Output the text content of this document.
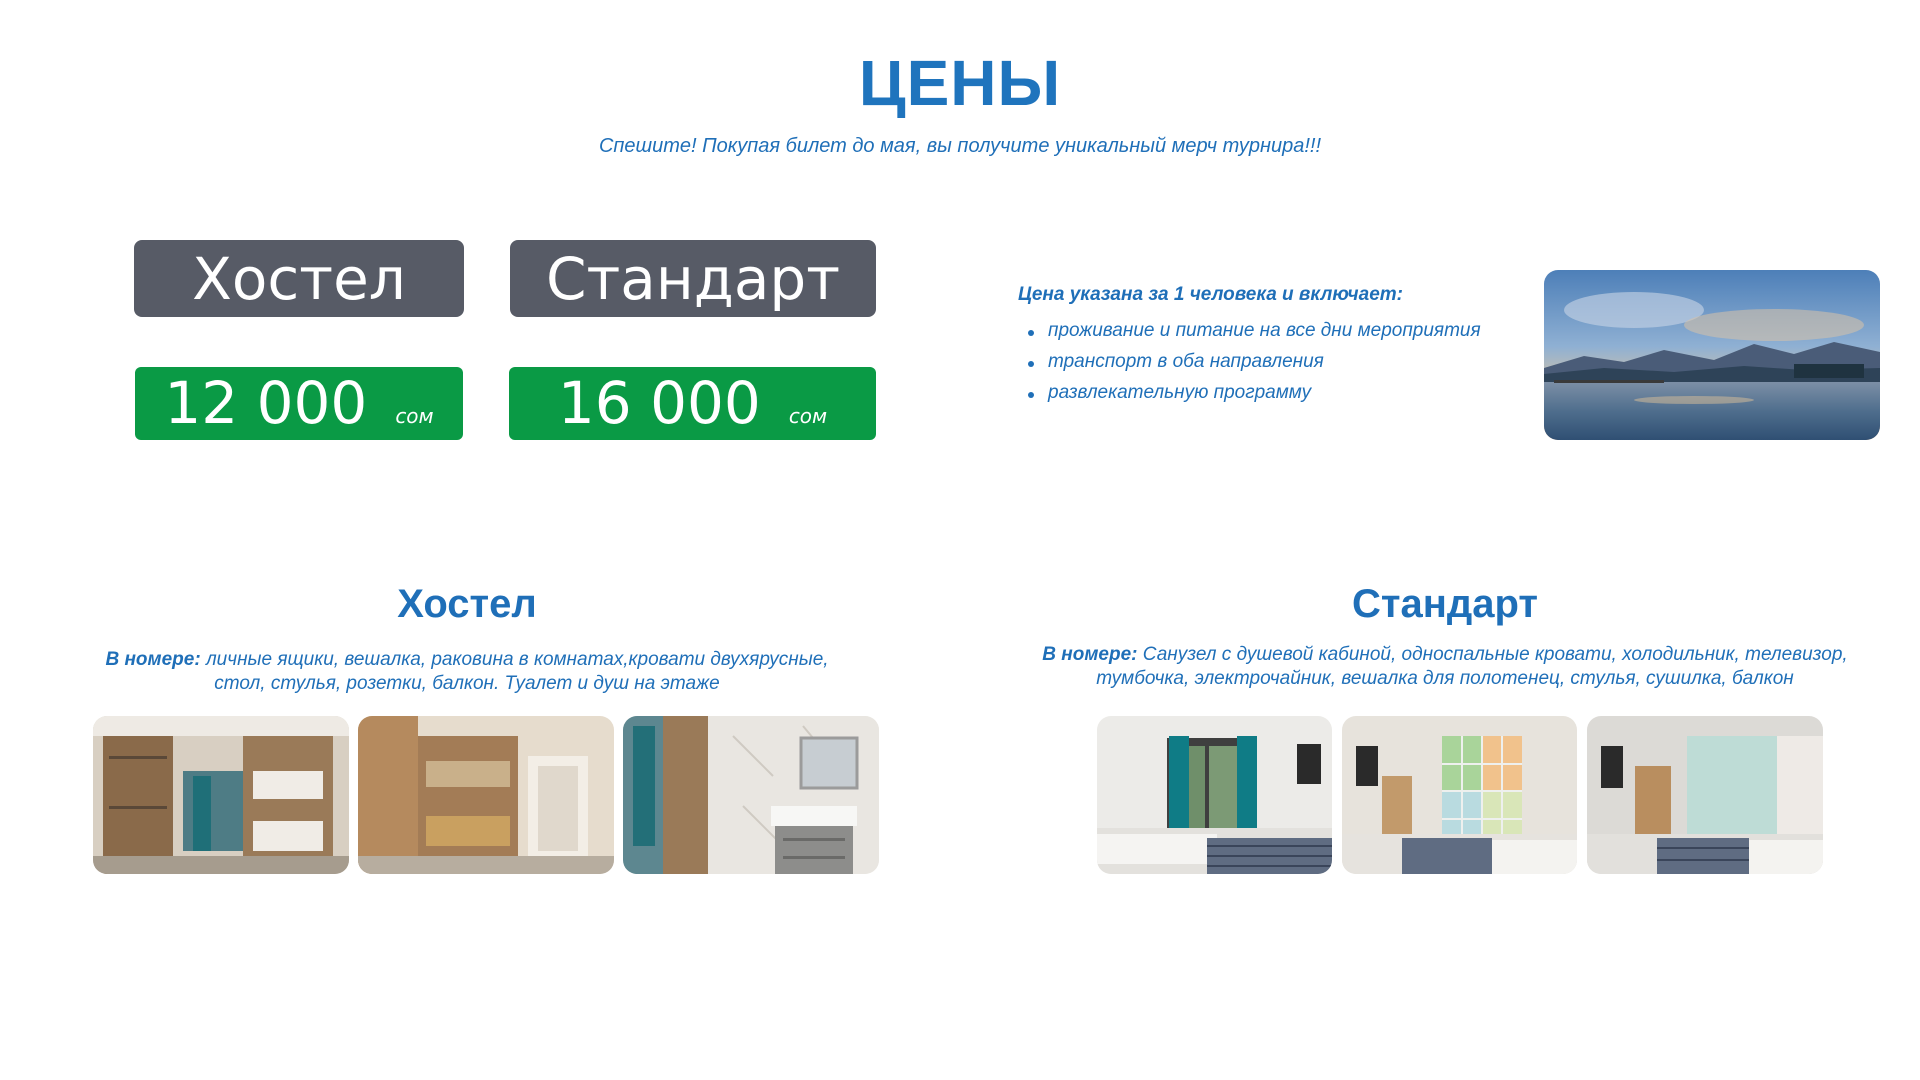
ЦЕНЫ
Спешите! Покупая билет до мая, вы получите уникальный мерч турнира!!!
Хостел	Стандарт
12 000 сом 16 000 сом
Цена указана за 1 человека и включает:
проживание и питание на все дни мероприятия
транспорт в оба направления
развлекательную программу
Хостел
В номере: личные ящики, вешалка, раковина в комнатах,кровати двухярусные,
стол, стулья, розетки, балкон. Туалет и душ на этаже
Стандарт
В номере: Санузел с душевой кабиной, односпальные кровати, холодильник, телевизор,
тумбочка, электрочайник, вешалка для полотенец, стулья, сушилка, балкон
